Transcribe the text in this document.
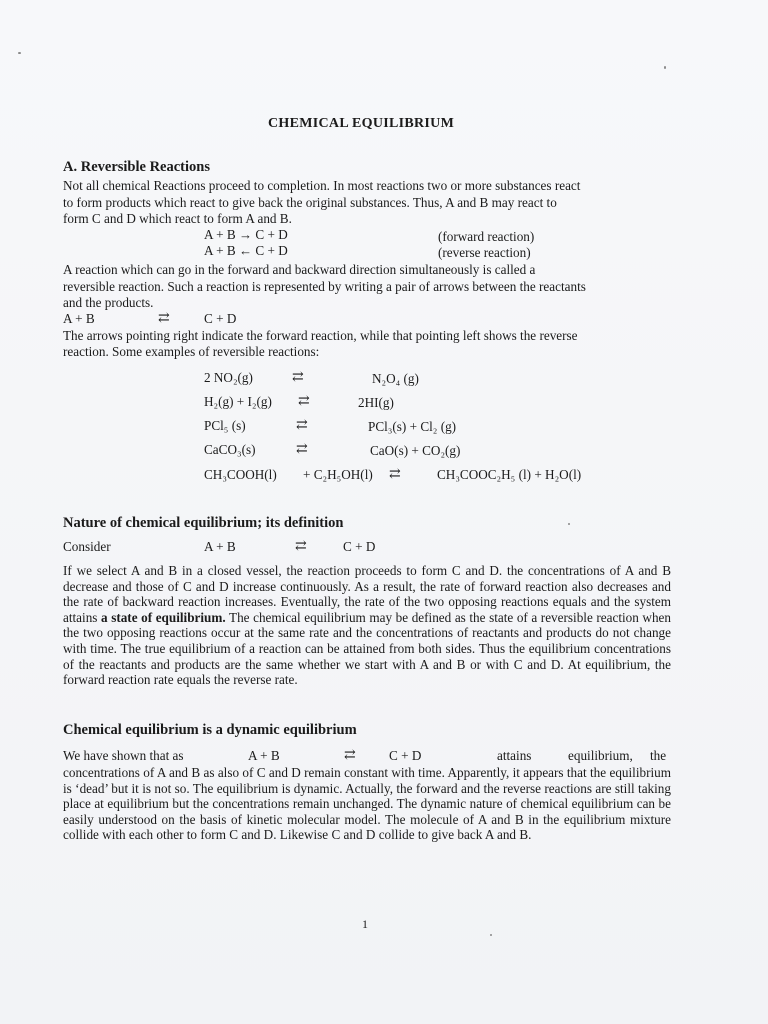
CHEMICAL EQUILIBRIUM
A. Reversible Reactions
Not all chemical Reactions proceed to completion. In most reactions two or more substances react
to form products which react to give back the original substances. Thus, A and B may react to
form C and D which react to form A and B.
A + B → C + D	(forward reaction)
A + B ← C + D	(reverse reaction)
A reaction which can go in the forward and backward direction simultaneously is called a
reversible reaction. Such a reaction is represented by writing a pair of arrows between the reactants
and the products.
A + B	⇄	C + D
The arrows pointing right indicate the forward reaction, while that pointing left shows the reverse
reaction. Some examples of reversible reactions:
2 NO₂(g)	⇄	N₂O₄ (g)
H₂(g) + I₂(g) ⇄	2HI(g)
PCl₅ (s)	⇄	PCl₃(s) + Cl₂ (g)
CaCO₃(s)	⇄	CaO(s) + CO₂(g)
CH₃COOH(l) + C₂H₅OH(l) ⇄	CH₃COOC₂H₅ (l) + H₂O(l)
Nature of chemical equilibrium; its definition
Consider	A + B	⇄	C + D
If we select A and B in a closed vessel, the reaction proceeds to form C and D. the concentrations of A and B decrease and those of C and D increase continuously. As a result, the rate of forward reaction also decreases and the rate of backward reaction increases. Eventually, the rate of the two opposing reactions equals and the system attains a state of equilibrium. The chemical equilibrium may be defined as the state of a reversible reaction when the two opposing reactions occur at the same rate and the concentrations of reactants and products do not change with time. The true equilibrium of a reaction can be attained from both sides. Thus the equilibrium concentrations of the reactants and products are the same whether we start with A and B or with C and D. At equilibrium, the forward reaction rate equals the reverse rate.
Chemical equilibrium is a dynamic equilibrium
We have shown that as	A + B	⇄	C + D	attains	equilibrium, the
concentrations of A and B as also of C and D remain constant with time. Apparently, it appears that the equilibrium is ‘dead’ but it is not so. The equilibrium is dynamic. Actually, the forward and the reverse reactions are still taking place at equilibrium but the concentrations remain unchanged. The dynamic nature of chemical equilibrium can be easily understood on the basis of kinetic molecular model. The molecule of A and B in the equilibrium mixture collide with each other to form C and D. Likewise C and D collide to give back A and B.
1
